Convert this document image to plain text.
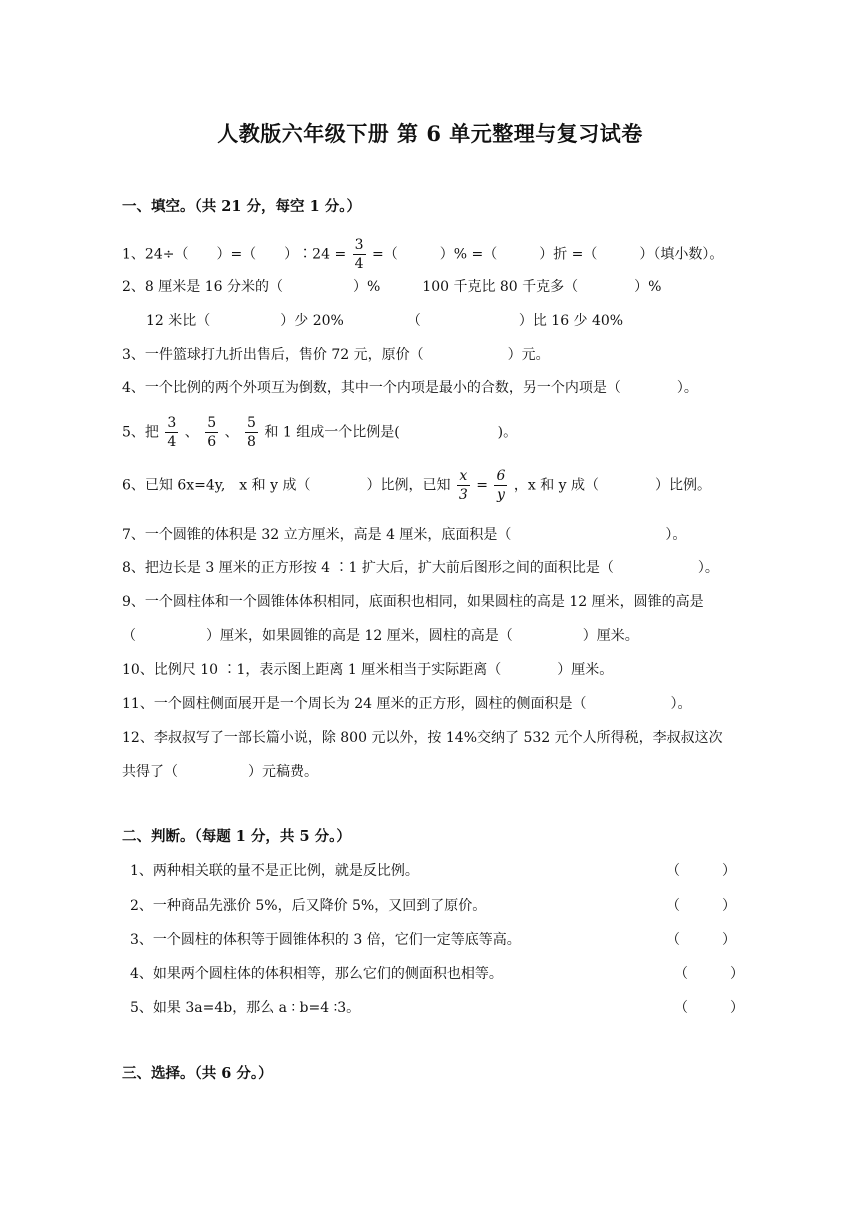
人教版六年级下册 第 6 单元整理与复习试卷
一、填空。（共 21 分，每空 1 分。）
1、24÷（　　）=（　　）∶24 = $\frac{3}{4}$ =（　　　）% =（　　　）折 =（　　　）（填小数）。
2、8 厘米是 16 分米的（　　　　　）%　　　100 千克比 80 千克多（　　　　）%
12 米比（　　　　　）少 20%　　　　　（　　　　　　　）比 16 少 40%
3、一件篮球打九折出售后，售价 72 元，原价（　　　　　　）元。
4、一个比例的两个外项互为倒数，其中一个内项是最小的合数，另一个内项是（　　　　）。
5、把 $\frac{3}{4}$ 、 $\frac{5}{6}$ 、 $\frac{5}{8}$ 和 1 组成一个比例是(　　　　　　　)。
6、已知 6x=4y,　x 和 y 成（　　　　）比例，已知 $\frac{x}{3} = \frac{6}{y}$ ，x 和 y 成（　　　　）比例。
7、一个圆锥的体积是 32 立方厘米，高是 4 厘米，底面积是（　　　　　　　　　　　）。
8、把边长是 3 厘米的正方形按 4 ∶1 扩大后，扩大前后图形之间的面积比是（　　　　　　）。
9、一个圆柱体和一个圆锥体体积相同，底面积也相同，如果圆柱的高是 12 厘米，圆锥的高是
（　　　　　）厘米，如果圆锥的高是 12 厘米，圆柱的高是（　　　　　）厘米。
10、比例尺 10 ∶1，表示图上距离 1 厘米相当于实际距离（　　　　）厘米。
11、一个圆柱侧面展开是一个周长为 24 厘米的正方形，圆柱的侧面积是（　　　　　　）。
12、李叔叔写了一部长篇小说，除 800 元以外，按 14%交纳了 532 元个人所得税，李叔叔这次
共得了（　　　　　）元稿费。
二、判断。（每题 1 分，共 5 分。）
1、两种相关联的量不是正比例，就是反比例。	（　　　）
2、一种商品先涨价 5%，后又降价 5%，又回到了原价。	（　　　）
3、一个圆柱的体积等于圆锥体积的 3 倍，它们一定等底等高。	（　　　）
4、如果两个圆柱体的体积相等，那么它们的侧面积也相等。	（　　　）
5、如果 3a=4b，那么 a ∶ b=4 ∶3。	（　　　）
三、选择。（共 6 分。）
